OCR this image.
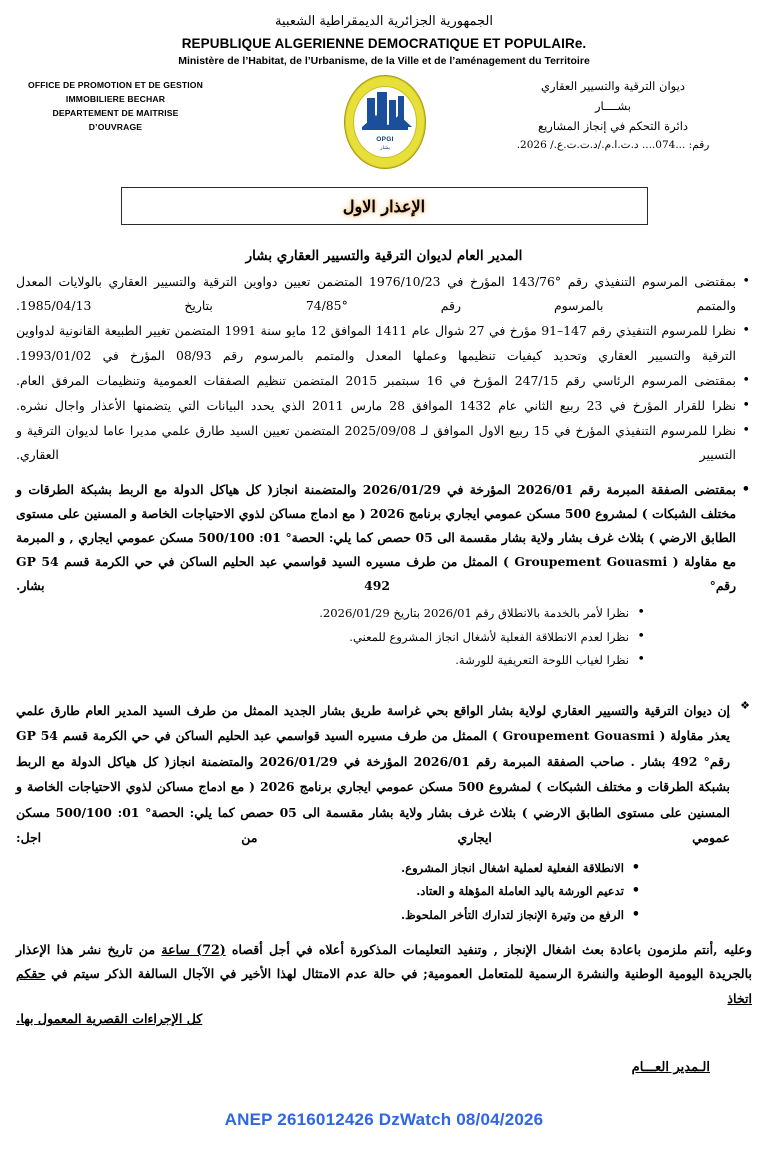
الجمهورية الجزائرية الديمقراطية الشعبية
REPUBLIQUE ALGERIENNE DEMOCRATIQUE ET POPULAIRe.
Ministère de l’Habitat, de l’Urbanisme, de la Ville et de l’aménagement du Territoire
OFFICE DE PROMOTION ET DE GESTION
IMMOBILIERE BECHAR
DEPARTEMENT DE MAITRISE
D’OUVRAGE
OPGI
بشار
ديوان الترقية والتسيير العقاري
بشــــار
دائرة التحكم في إنجاز المشاريع
رقم: ...074.... د.ت.ا.م./د.ت.ت.ع./ 2026.
الإعذار الاول
المدير العام لديوان الترقية والتسيير العقاري بشار
• بمقتضى المرسوم التنفيذي رقم °143/76 المؤرخ في 1976/10/23 المتضمن تعيين دواوين الترقية والتسيير العقاري بالولايات المعدل والمتمم بالمرسوم رقم °74/85 بتاريخ 1985/04/13.
• نظرا للمرسوم التنفيذي رقم 147–91 مؤرخ في 27 شوال عام 1411 الموافق 12 مايو سنة 1991 المتضمن تغيير الطبيعة القانونية لدواوين الترقية والتسيير العقاري وتحديد كيفيات تنظيمها وعملها المعدل والمتمم بالمرسوم رقم 08/93 المؤرخ في 1993/01/02.
• بمقتضى المرسوم الرئاسي رقم 247/15 المؤرخ في 16 سبتمبر 2015 المتضمن تنظيم الصفقات العمومية وتنظيمات المرفق العام.
• نظرا للقرار المؤرخ في 23 ربيع الثاني عام 1432 الموافق 28 مارس 2011 الذي يحدد البيانات التي يتضمنها الأعذار واجال نشره.
• نظرا للمرسوم التنفيذي المؤرخ في 15 ربيع الاول الموافق لـ 2025/09/08 المتضمن تعيين السيد طارق علمي مديرا عاما لديوان الترقية و التسيير العقاري.
• بمقتضى الصفقة المبرمة رقم 2026/01 المؤرخة في 2026/01/29 والمتضمنة انجاز( كل هياكل الدولة مع الربط بشبكة الطرقات و مختلف الشبكات ) لمشروع 500 مسكن عمومي ايجاري برنامج 2026 ( مع ادماج مساكن لذوي الاحتياجات الخاصة و المسنين على مستوى الطابق الارضي ) بثلاث غرف بشار ولاية بشار مقسمة الى 05 حصص كما يلي: الحصة° 01: 500/100 مسكن عمومي ايجاري , و المبرمة مع مقاولة ( Groupement Gouasmi ) الممثل من طرف مسيره السيد قواسمي عبد الحليم الساكن في حي الكرمة قسم 54 GP رقم° 492 بشار.
• نظرا لأمر بالخدمة بالانطلاق رقم 2026/01 بتاريخ 2026/01/29.
• نظرا لعدم الانطلاقة الفعلية لأشغال انجاز المشروع للمعني.
• نظرا لغياب اللوحة التعريفية للورشة.

❖ إن ديوان الترقية والتسيير العقاري لولاية بشار الواقع بحي غراسة طريق بشار الجديد الممثل من طرف السيد المدير العام طارق علمي يعذر مقاولة ( Groupement Gouasmi ) الممثل من طرف مسيره السيد قواسمي عبد الحليم الساكن في حي الكرمة قسم 54 GP رقم° 492 بشار . صاحب الصفقة المبرمة رقم 2026/01 المؤرخة في 2026/01/29 والمتضمنة انجاز( كل هياكل الدولة مع الربط بشبكة الطرقات و مختلف الشبكات ) لمشروع 500 مسكن عمومي ايجاري برنامج 2026 ( مع ادماج مساكن لذوي الاحتياجات الخاصة و المسنين على مستوى الطابق الارضي ) بثلاث غرف بشار ولاية بشار مقسمة الى 05 حصص كما يلي: الحصة° 01: 500/100 مسكن عمومي ايجاري من اجل:

• الانطلاقة الفعلية لعملية اشغال انجاز المشروع.
• تدعيم الورشة باليد العاملة المؤهلة و العتاد.
• الرفع من وتيرة الإنجاز لتدارك التأخر الملحوظ.

وعليه ,أنتم ملزمون باعادة بعث اشغال الإنجاز , وتنفيد التعليمات المذكورة أعلاه في أجل أقصاه (72) ساعة من تاريخ نشر هذا الإعذار بالجريدة اليومية الوطنية والنشرة الرسمية للمتعامل العمومية; في حالة عدم الامتثال لهذا الأخير في الآجال السالفة الذكر سيتم في حقكم اتخاذ

كل الإجراءات القصرية المعمول بها.

الـمدير العـــام
ANEP 2616012426 DzWatch 08/04/2026
